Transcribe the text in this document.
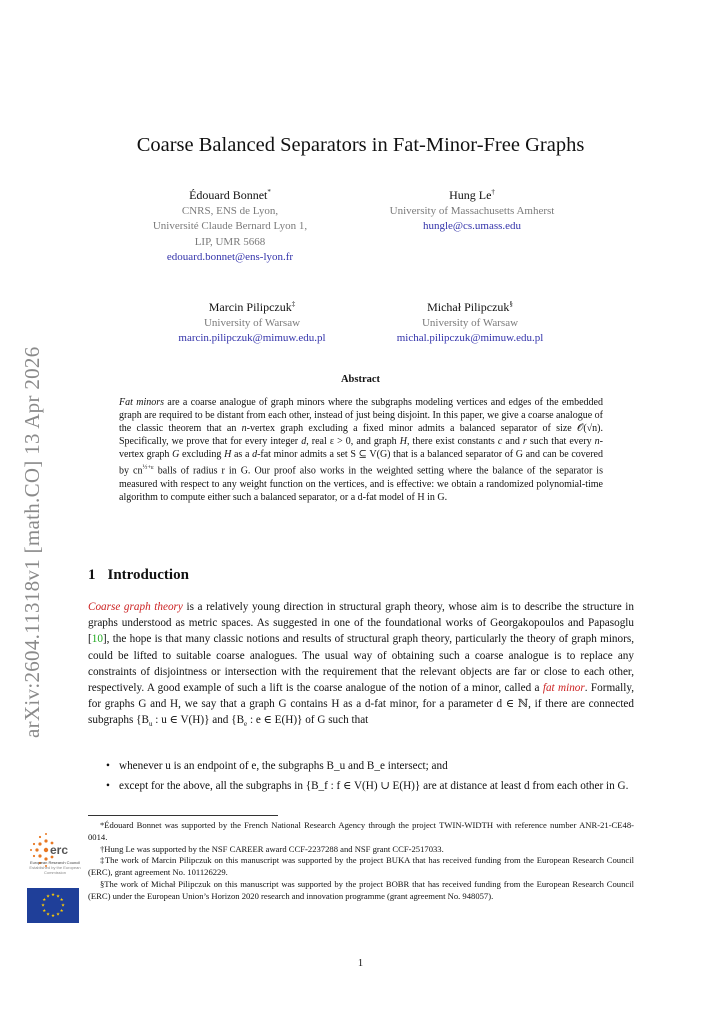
arXiv:2604.11318v1 [math.CO] 13 Apr 2026
Coarse Balanced Separators in Fat-Minor-Free Graphs
Édouard Bonnet*
CNRS, ENS de Lyon,
Université Claude Bernard Lyon 1,
LIP, UMR 5668
edouard.bonnet@ens-lyon.fr
Hung Le†
University of Massachusetts Amherst
hungle@cs.umass.edu
Marcin Pilipczuk‡
University of Warsaw
marcin.pilipczuk@mimuw.edu.pl
Michał Pilipczuk§
University of Warsaw
michal.pilipczuk@mimuw.edu.pl
Abstract
Fat minors are a coarse analogue of graph minors where the subgraphs modeling vertices and edges of the embedded graph are required to be distant from each other, instead of just being disjoint. In this paper, we give a coarse analogue of the classic theorem that an n-vertex graph excluding a fixed minor admits a balanced separator of size 𝒪(√n). Specifically, we prove that for every integer d, real ε > 0, and graph H, there exist constants c and r such that every n-vertex graph G excluding H as a d-fat minor admits a set S ⊆ V(G) that is a balanced separator of G and can be covered by $cn^{\frac{1}{2}+\varepsilon}$ balls of radius r in G. Our proof also works in the weighted setting where the balance of the separator is measured with respect to any weight function on the vertices, and is effective: we obtain a randomized polynomial-time algorithm to compute either such a balanced separator, or a d-fat model of H in G.
1 Introduction
Coarse graph theory is a relatively young direction in structural graph theory, whose aim is to describe the structure in graphs understood as metric spaces. As suggested in one of the foundational works of Georgakopoulos and Papasoglu [10], the hope is that many classic notions and results of structural graph theory, particularly the theory of graph minors, could be lifted to suitable coarse analogues. The usual way of obtaining such a coarse analogue is to replace any constraints of disjointness or intersection with the requirement that the relevant objects are far or close to each other, respectively. A good example of such a lift is the coarse analogue of the notion of a minor, called a fat minor. Formally, for graphs G and H, we say that a graph G contains H as a d-fat minor, for a parameter d ∈ ℕ, if there are connected subgraphs {$B_u$ : u ∈ V(H)} and {$B_e$ : e ∈ E(H)} of G such that
• whenever u is an endpoint of e, the subgraphs B_u and B_e intersect; and
• except for the above, all the subgraphs in {B_f : f ∈ V(H) ∪ E(H)} are at distance at least d from each other in G.

*Édouard Bonnet was supported by the French National Research Agency through the project TWIN-WIDTH with reference number ANR-21-CE48-0014.

†Hung Le was supported by the NSF CAREER award CCF-2237288 and NSF grant CCF-2517033.

‡The work of Marcin Pilipczuk on this manuscript was supported by the project BUKA that has received funding from the European Research Council (ERC), grant agreement No. 101126229.

§The work of Michał Pilipczuk on this manuscript was supported by the project BOBR that has received funding from the European Research Council (ERC) under the European Union’s Horizon 2020 research and innovation programme (grant agreement No. 948057).

erc
European Research Council
Established by the European Commission
★ ★
★
★
★
★
★
★
★
★
★
★
1
